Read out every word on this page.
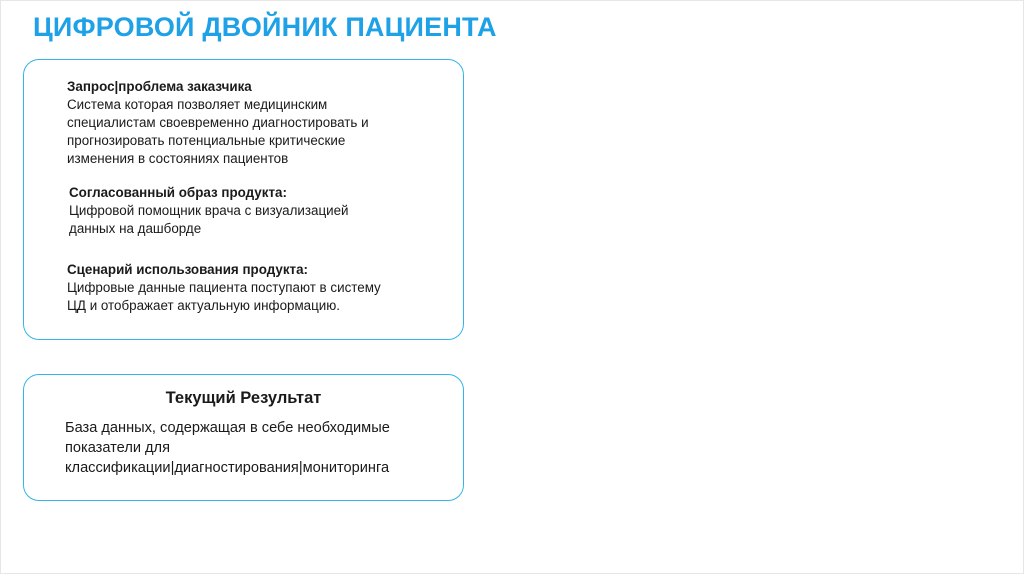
ЦИФРОВОЙ ДВОЙНИК ПАЦИЕНТА
Запрос|проблема заказчика
Система которая позволяет медицинским
специалистам своевременно диагностировать и
прогнозировать потенциальные критические
изменения в состояниях пациентов
Согласованный образ продукта:
Цифровой помощник врача с визуализацией
данных на дашборде
Сценарий использования продукта:
Цифровые данные пациента поступают в систему
ЦД и отображает актуальную информацию.
Текущий Результат
База данных, содержащая в себе необходимые
показатели для
классификации|диагностирования|мониторинга
